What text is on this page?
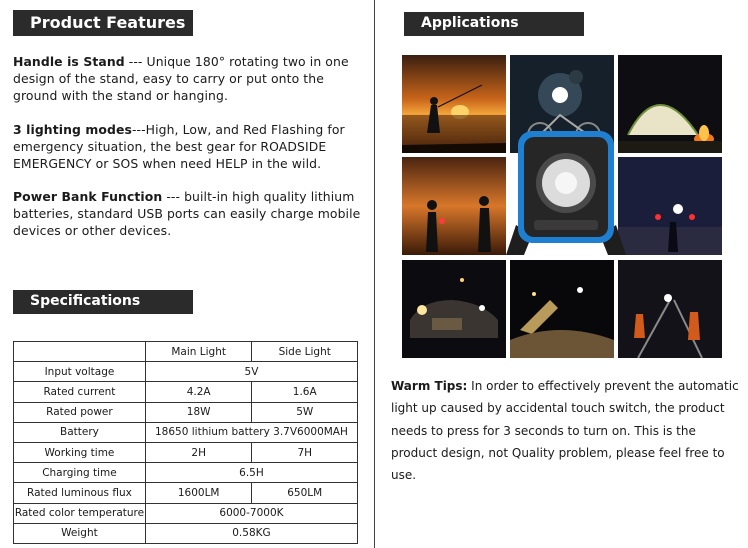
Product Features

Handle is Stand --- Unique 180° rotating two in one design of the stand, easy to carry or put onto the ground with the stand or hanging.

3 lighting modes---High, Low, and Red Flashing for emergency situation, the best gear for ROADSIDE EMERGENCY or SOS when need HELP in the wild.

Power Bank Function --- built-in high quality lithium batteries, standard USB ports can easily charge mobile devices or other devices.

Specifications
	Main Light	Side Light
Input voltage	5V	
Rated current	4.2A	1.6A
Rated power	18W	5W
Battery	18650 lithium battery 3.7V6000MAH	
Working time	2H	7H
Charging time	6.5H	
Rated luminous flux	1600LM	650LM
Rated color temperature	6000-7000K	
Weight	0.58KG	
Applications

Warm Tips: In order to effectively prevent the automatic light up caused by accidental touch switch, the product needs to press for 3 seconds to turn on. This is the product design, not Quality problem, please feel free to use.
